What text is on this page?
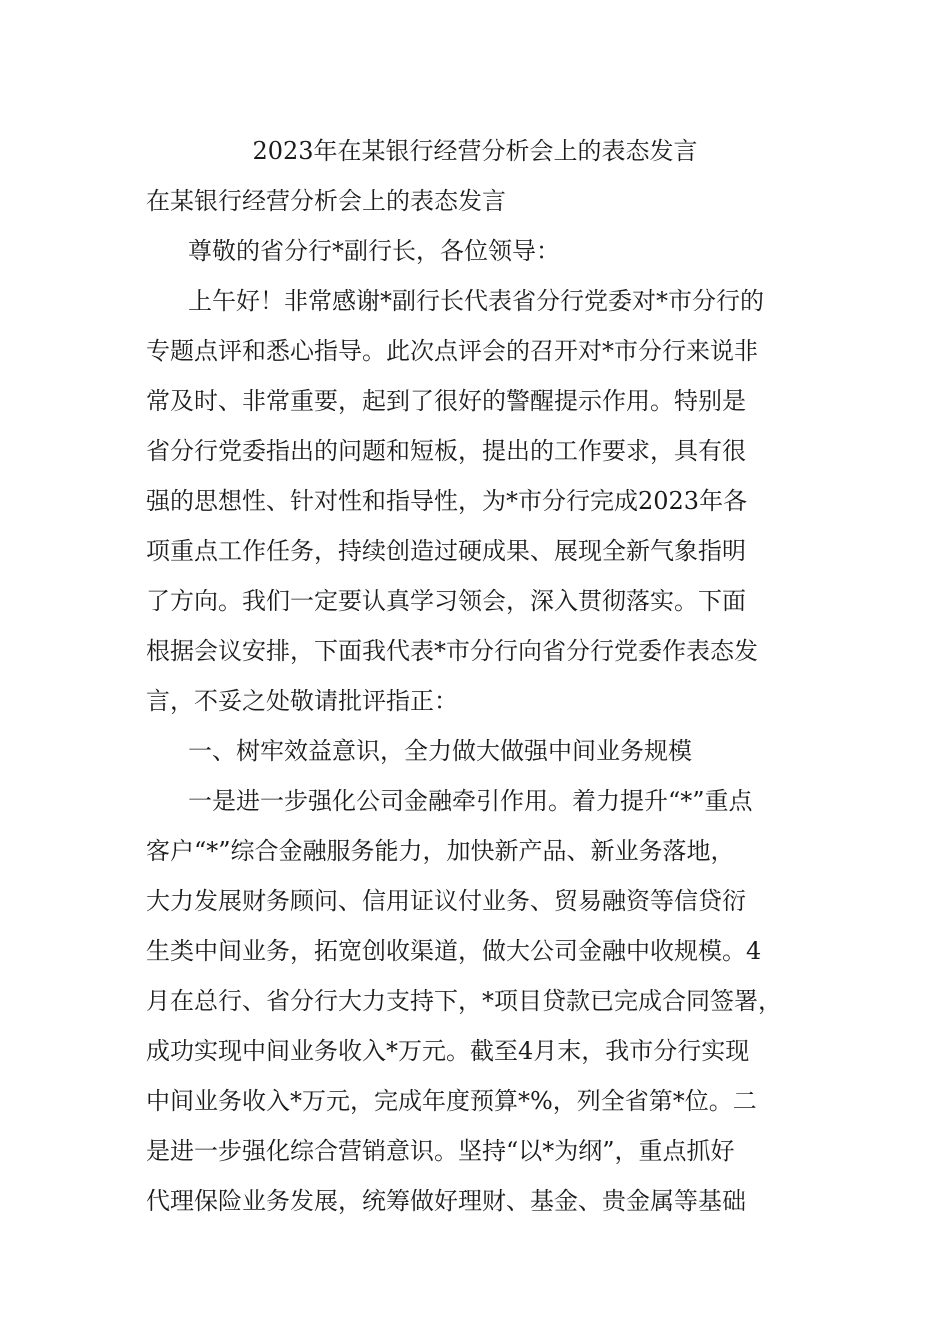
2023年在某银行经营分析会上的表态发言
在某银行经营分析会上的表态发言
尊敬的省分行*副行长，各位领导：
上午好！非常感谢*副行长代表省分行党委对*市分行的
专题点评和悉心指导。此次点评会的召开对*市分行来说非
常及时、非常重要，起到了很好的警醒提示作用。特别是
省分行党委指出的问题和短板，提出的工作要求，具有很
强的思想性、针对性和指导性，为*市分行完成2023年各
项重点工作任务，持续创造过硬成果、展现全新气象指明
了方向。我们一定要认真学习领会，深入贯彻落实。下面
根据会议安排，下面我代表*市分行向省分行党委作表态发
言，不妥之处敬请批评指正：
一、树牢效益意识，全力做大做强中间业务规模
一是进一步强化公司金融牵引作用。着力提升“*”重点
客户“*”综合金融服务能力，加快新产品、新业务落地，
大力发展财务顾问、信用证议付业务、贸易融资等信贷衍
生类中间业务，拓宽创收渠道，做大公司金融中收规模。4
月在总行、省分行大力支持下，*项目贷款已完成合同签署，
成功实现中间业务收入*万元。截至4月末，我市分行实现
中间业务收入*万元，完成年度预算*%，列全省第*位。二
是进一步强化综合营销意识。坚持“以*为纲”，重点抓好
代理保险业务发展，统筹做好理财、基金、贵金属等基础
